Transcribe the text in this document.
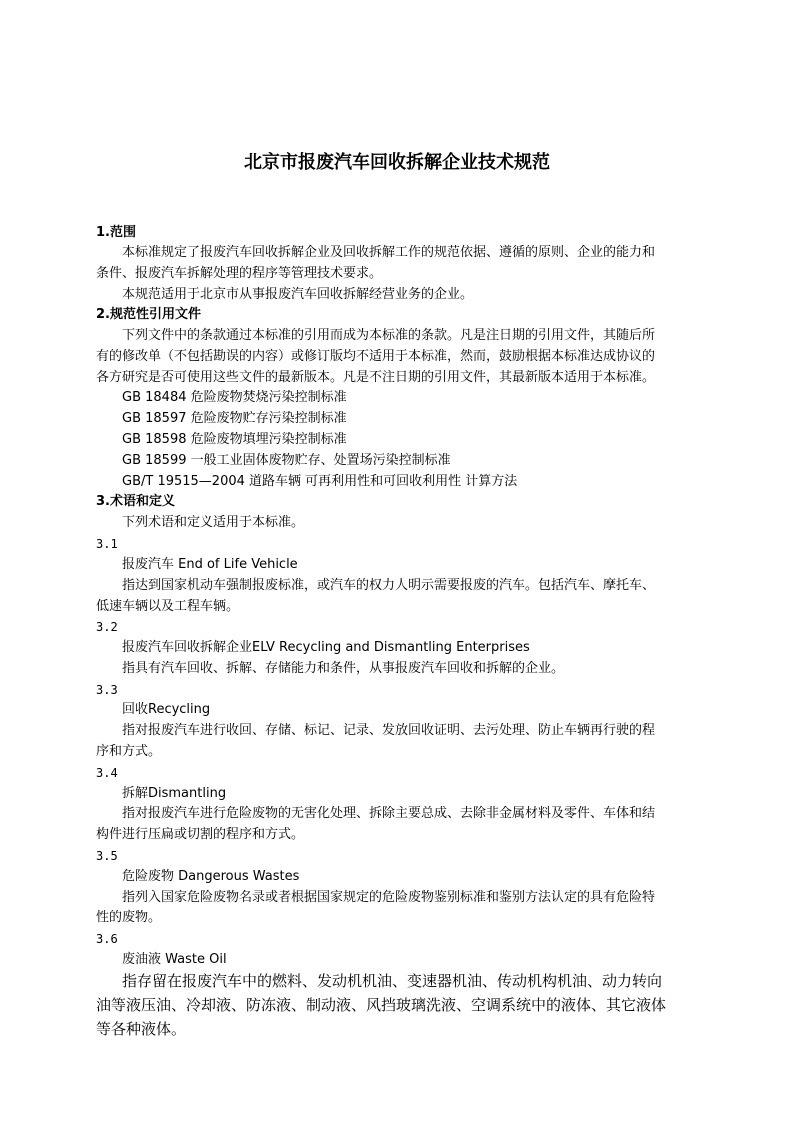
北京市报废汽车回收拆解企业技术规范
1.范围
本标准规定了报废汽车回收拆解企业及回收拆解工作的规范依据、遵循的原则、企业的能力和
条件、报废汽车拆解处理的程序等管理技术要求。
本规范适用于北京市从事报废汽车回收拆解经营业务的企业。
2.规范性引用文件
下列文件中的条款通过本标准的引用而成为本标准的条款。凡是注日期的引用文件，其随后所
有的修改单（不包括勘误的内容）或修订版均不适用于本标准，然而，鼓励根据本标准达成协议的
各方研究是否可使用这些文件的最新版本。凡是不注日期的引用文件，其最新版本适用于本标准。
GB 18484 危险废物焚烧污染控制标准
GB 18597 危险废物贮存污染控制标准
GB 18598 危险废物填埋污染控制标准
GB 18599 一般工业固体废物贮存、处置场污染控制标准
GB/T 19515—2004 道路车辆 可再利用性和可回收利用性 计算方法
3.术语和定义
下列术语和定义适用于本标准。
3.1
报废汽车 End of Life Vehicle
指达到国家机动车强制报废标准，或汽车的权力人明示需要报废的汽车。包括汽车、摩托车、
低速车辆以及工程车辆。
3.2
报废汽车回收拆解企业ELV Recycling and Dismantling Enterprises
指具有汽车回收、拆解、存储能力和条件，从事报废汽车回收和拆解的企业。
3.3
回收Recycling
指对报废汽车进行收回、存储、标记、记录、发放回收证明、去污处理、防止车辆再行驶的程
序和方式。
3.4
拆解Dismantling
指对报废汽车进行危险废物的无害化处理、拆除主要总成、去除非金属材料及零件、车体和结
构件进行压扁或切割的程序和方式。
3.5
危险废物 Dangerous Wastes
指列入国家危险废物名录或者根据国家规定的危险废物鉴别标准和鉴别方法认定的具有危险特
性的废物。
3.6
废油液 Waste Oil
指存留在报废汽车中的燃料、发动机机油、变速器机油、传动机构机油、动力转向
油等液压油、冷却液、防冻液、制动液、风挡玻璃洗液、空调系统中的液体、其它液体
等各种液体。
